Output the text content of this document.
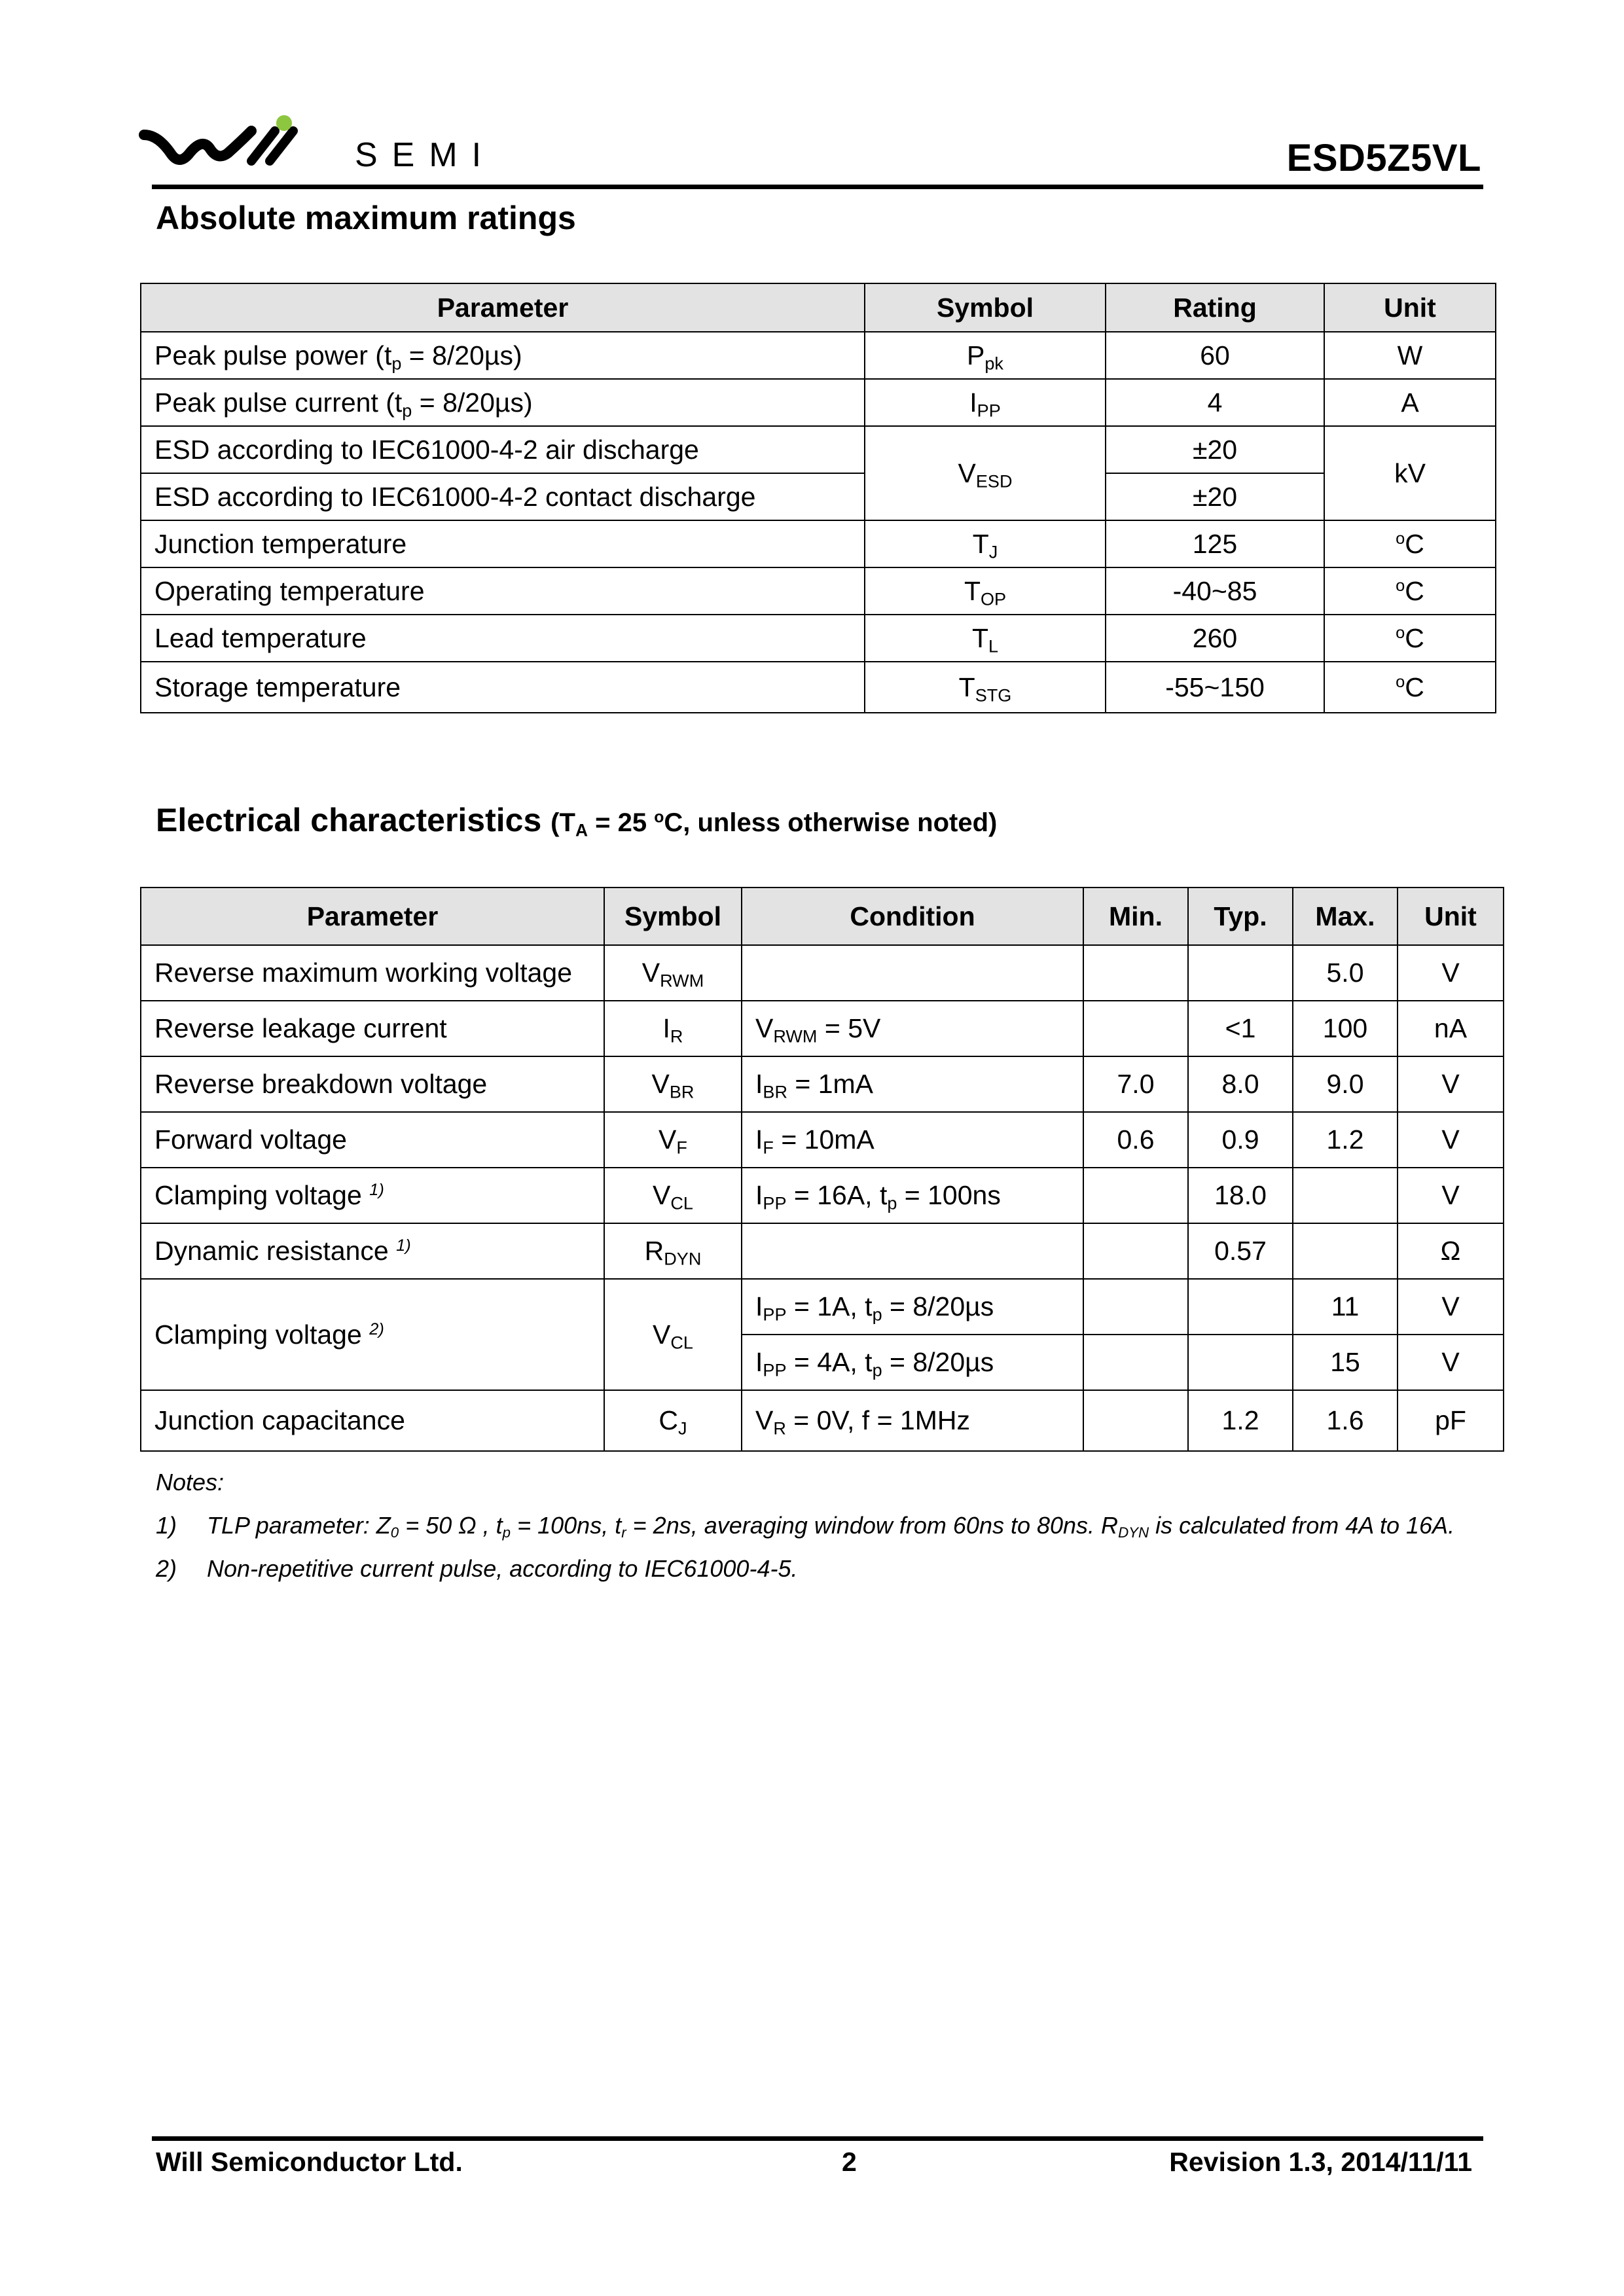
SEMI	ESD5Z5VL
Absolute maximum ratings
Parameter	Symbol	Rating	Unit
Peak pulse power $(t_p = 8/20\mu s)$	$P_{pk}$	60	W
Peak pulse current $(t_p = 8/20\mu s)$	$I_{PP}$	4	A
ESD according to IEC61000-4-2 air discharge	$V_{ESD}$	±20	kV
ESD according to IEC61000-4-2 contact discharge		±20	
Junction temperature	$T_J$	125	$^o$C
Operating temperature	$T_{OP}$	-40~85	$^o$C
Lead temperature	$T_L$	260	$^o$C
Storage temperature	$T_{STG}$	-55~150	$^o$C
Electrical characteristics ($T_A = 25$ $^o$C, unless otherwise noted)
Parameter	Symbol	Condition	Min.	Typ.	Max.	Unit
Reverse maximum working voltage	$V_{RWM}$				5.0	V
Reverse leakage current	$I_R$	$V_{RWM} = 5V$		<1	100	nA
Reverse breakdown voltage	$V_{BR}$	$I_{BR} = 1mA$	7.0	8.0	9.0	V
Forward voltage	$V_F$	$I_F = 10mA$	0.6	0.9	1.2	V
Clamping voltage $^{1)}$	$V_{CL}$	$I_{PP} = 16A$, $t_p = 100ns$		18.0		V
Dynamic resistance $^{1)}$	$R_{DYN}$			0.57		Ω
Clamping voltage $^{2)}$	$V_{CL}$	$I_{PP} = 1A$, $t_p = 8/20\mu s$			11	V
		$I_{PP} = 4A$, $t_p = 8/20\mu s$			15	V
Junction capacitance	$C_J$	$V_R = 0V$, f = 1MHz		1.2	1.6	pF
Notes:
1) TLP parameter: $Z_0 = 50$ Ω , $t_p = 100ns$, $t_r = 2ns$, averaging window from 60ns to 80ns. $R_{DYN}$ is calculated from 4A to 16A.
2) Non-repetitive current pulse, according to IEC61000-4-5.
Will Semiconductor Ltd.	2	Revision 1.3, 2014/11/11
